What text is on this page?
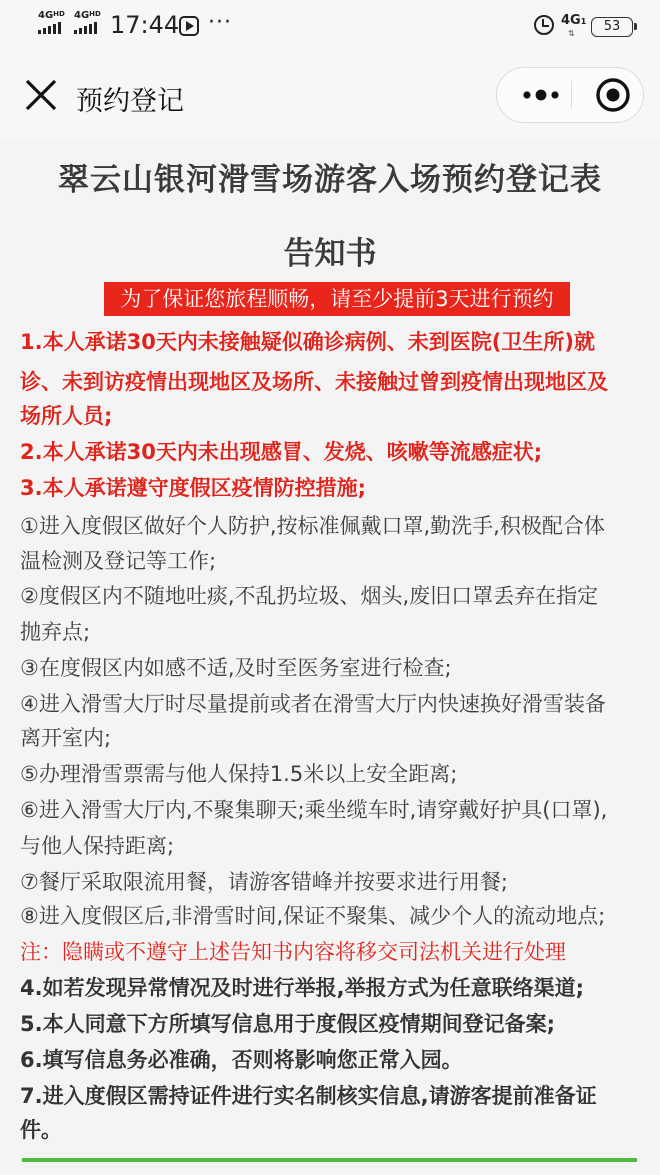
$4G^{HD}$ $4G^{HD}$ 17:44 ···	4G1
⇅	53
预约登记
翠云山银河滑雪场游客入场预约登记表
告知书
为了保证您旅程顺畅，请至少提前3天进行预约
1.本人承诺30天内未接触疑似确诊病例、未到医院(卫生所)就
诊、未到访疫情出现地区及场所、未接触过曾到疫情出现地区及
场所人员;
2.本人承诺30天内未出现感冒、发烧、咳嗽等流感症状;
3.本人承诺遵守度假区疫情防控措施;
①进入度假区做好个人防护,按标准佩戴口罩,勤洗手,积极配合体
温检测及登记等工作;
②度假区内不随地吐痰,不乱扔垃圾、烟头,废旧口罩丢弃在指定
抛弃点;
③在度假区内如感不适,及时至医务室进行检查;
④进入滑雪大厅时尽量提前或者在滑雪大厅内快速换好滑雪装备
离开室内;
⑤办理滑雪票需与他人保持1.5米以上安全距离;
⑥进入滑雪大厅内,不聚集聊天;乘坐缆车时,请穿戴好护具(口罩),
与他人保持距离;
⑦餐厅采取限流用餐，请游客错峰并按要求进行用餐;
⑧进入度假区后,非滑雪时间,保证不聚集、减少个人的流动地点;
注：隐瞒或不遵守上述告知书内容将移交司法机关进行处理
4.如若发现异常情况及时进行举报,举报方式为任意联络渠道;
5.本人同意下方所填写信息用于度假区疫情期间登记备案;
6.填写信息务必准确，否则将影响您正常入园。
7.进入度假区需持证件进行实名制核实信息,请游客提前准备证
件。
